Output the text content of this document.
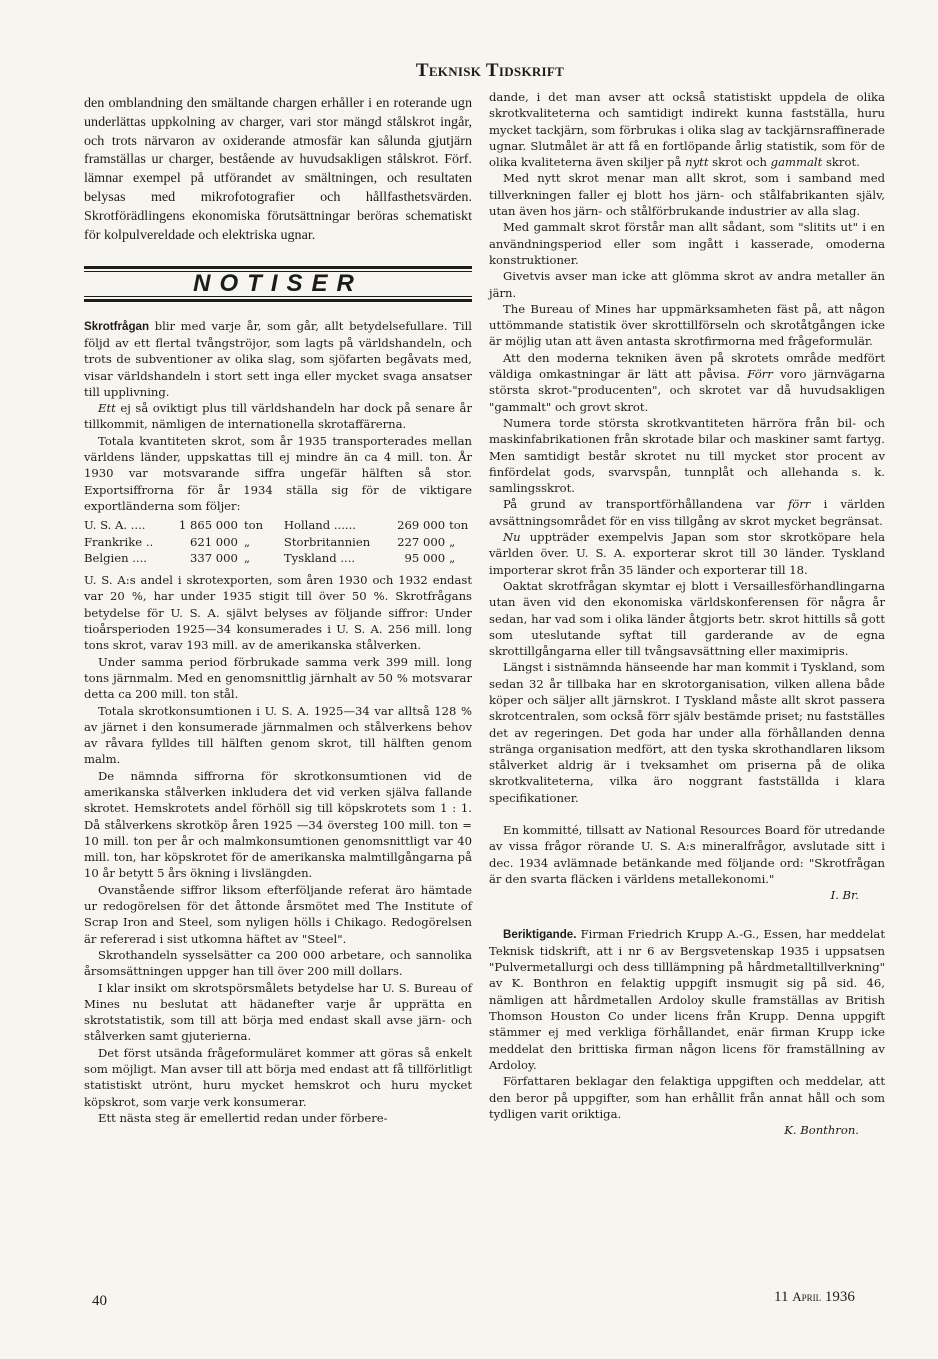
Teknisk Tidskrift

den omblandning den smältande chargen erhåller i en roterande ugn underlättas uppkolning av charger, vari stor mängd stålskrot ingår, och trots närvaron av oxiderande atmosfär kan sålunda gjutjärn framställas ur charger, bestående av huvudsakligen stålskrot. Förf. lämnar exempel på utförandet av smältningen, och resultaten belysas med mikrofotografier och hållfasthetsvärden. Skrotförädlingens ekonomiska förutsättningar beröras schematiskt för kolpulvereldade och elektriska ugnar.

NOTISER

Skrotfrågan blir med varje år, som går, allt betydelsefullare. Till följd av ett flertal tvångströjor, som lagts på världshandeln, och trots de subventioner av olika slag, som sjöfarten begåvats med, visar världshandeln i stort sett inga eller mycket svaga ansatser till upplivning.

Ett ej så oviktigt plus till världshandeln har dock på senare år tillkommit, nämligen de internationella skrotaffärerna.

Totala kvantiteten skrot, som år 1935 transporterades mellan världens länder, uppskattas till ej mindre än ca 4 mill. ton. År 1930 var motsvarande siffra ungefär hälften så stor. Exportsiffrorna för år 1934 ställa sig för de viktigare exportländerna som följer:

U. S. A. ....	1 865 000	ton	Holland ......	269 000	ton
Frankrike ..	621 000	„	Storbritannien	227 000	„
Belgien ....	337 000	„	Tyskland ....	95 000	„

U. S. A:s andel i skrotexporten, som åren 1930 och 1932 endast var 20 %, har under 1935 stigit till över 50 %. Skrotfrågans betydelse för U. S. A. självt belyses av följande siffror: Under tioårsperioden 1925—34 konsumerades i U. S. A. 256 mill. long tons skrot, varav 193 mill. av de amerikanska stålverken.

Under samma period förbrukade samma verk 399 mill. long tons järnmalm. Med en genomsnittlig järnhalt av 50 % motsvarar detta ca 200 mill. ton stål.

Totala skrotkonsumtionen i U. S. A. 1925—34 var alltså 128 % av järnet i den konsumerade järnmalmen och stålverkens behov av råvara fylldes till hälften genom skrot, till hälften genom malm.

De nämnda siffrorna för skrotkonsumtionen vid de amerikanska stålverken inkludera det vid verken själva fallande skrotet. Hemskrotets andel förhöll sig till köpskrotets som 1 : 1. Då stålverkens skrotköp åren 1925 —34 översteg 100 mill. ton = 10 mill. ton per år och malmkonsumtionen genomsnittligt var 40 mill. ton, har köpskrotet för de amerikanska malmtillgångarna på 10 år betytt 5 års ökning i livslängden.

Ovanstående siffror liksom efterföljande referat äro hämtade ur redogörelsen för det åttonde årsmötet med The Institute of Scrap Iron and Steel, som nyligen hölls i Chikago. Redogörelsen är refererad i sist utkomna häftet av "Steel".

Skrothandeln sysselsätter ca 200 000 arbetare, och sannolika årsomsättningen uppger han till över 200 mill dollars.

I klar insikt om skrotspörsmålets betydelse har U. S. Bureau of Mines nu beslutat att hädanefter varje år upprätta en skrotstatistik, som till att börja med endast skall avse järn- och stålverken samt gjuterierna.

Det först utsända frågeformuläret kommer att göras så enkelt som möjligt. Man avser till att börja med endast att få tillförlitligt statistiskt utrönt, huru mycket hemskrot och huru mycket köpskrot, som varje verk konsumerar.

Ett nästa steg är emellertid redan under förbere-

dande, i det man avser att också statistiskt uppdela de olika skrotkvaliteterna och samtidigt indirekt kunna fastställa, huru mycket tackjärn, som förbrukas i olika slag av tackjärnsraffinerade ugnar. Slutmålet är att få en fortlöpande årlig statistik, som för de olika kvaliteterna även skiljer på nytt skrot och gammalt skrot.

Med nytt skrot menar man allt skrot, som i samband med tillverkningen faller ej blott hos järn- och stålfabrikanten själv, utan även hos järn- och stålförbrukande industrier av alla slag.

Med gammalt skrot förstår man allt sådant, som "slitits ut" i en användningsperiod eller som ingått i kasserade, omoderna konstruktioner.

Givetvis avser man icke att glömma skrot av andra metaller än järn.

The Bureau of Mines har uppmärksamheten fäst på, att någon uttömmande statistik över skrottillförseln och skrotåtgången icke är möjlig utan att även antasta skrotfirmorna med frågeformulär.

Att den moderna tekniken även på skrotets område medfört väldiga omkastningar är lätt att påvisa. Förr voro järnvägarna största skrot-"producenten", och skrotet var då huvudsakligen "gammalt" och grovt skrot.

Numera torde största skrotkvantiteten härröra från bil- och maskinfabrikationen från skrotade bilar och maskiner samt fartyg. Men samtidigt består skrotet nu till mycket stor procent av finfördelat gods, svarvspån, tunnplåt och allehanda s. k. samlingsskrot.

På grund av transportförhållandena var förr i världen avsättningsområdet för en viss tillgång av skrot mycket begränsat.

Nu uppträder exempelvis Japan som stor skrotköpare hela världen över. U. S. A. exporterar skrot till 30 länder. Tyskland importerar skrot från 35 länder och exporterar till 18.

Oaktat skrotfrågan skymtar ej blott i Versaillesförhandlingarna utan även vid den ekonomiska världskonferensen för några år sedan, har vad som i olika länder åtgjorts betr. skrot hittills så gott som uteslutande syftat till garderande av de egna skrottillgångarna eller till tvångsavsättning eller maximipris.

Längst i sistnämnda hänseende har man kommit i Tyskland, som sedan 32 år tillbaka har en skrotorganisation, vilken allena både köper och säljer allt järnskrot. I Tyskland måste allt skrot passera skrotcentralen, som också förr själv bestämde priset; nu fastställes det av regeringen. Det goda har under alla förhållanden denna stränga organisation medfört, att den tyska skrothandlaren liksom stålverket aldrig är i tveksamhet om priserna på de olika skrotkvaliteterna, vilka äro noggrant fastställda i klara specifikationer.

En kommitté, tillsatt av National Resources Board för utredande av vissa frågor rörande U. S. A:s mineralfrågor, avslutade sitt i dec. 1934 avlämnade betänkande med följande ord: "Skrotfrågan är den svarta fläcken i världens metallekonomi."

I. Br.

Beriktigande. Firman Friedrich Krupp A.-G., Essen, har meddelat Teknisk tidskrift, att i nr 6 av Bergsvetenskap 1935 i uppsatsen "Pulvermetallurgi och dess tilllämpning på hårdmetalltillverkning" av K. Bonthron en felaktig uppgift insmugit sig på sid. 46, nämligen att hårdmetallen Ardoloy skulle framställas av British Thomson Houston Co under licens från Krupp. Denna uppgift stämmer ej med verkliga förhållandet, enär firman Krupp icke meddelat den brittiska firman någon licens för framställning av Ardoloy.

Författaren beklagar den felaktiga uppgiften och meddelar, att den beror på uppgifter, som han erhållit från annat håll och som tydligen varit oriktiga.

K. Bonthron.
40	11 April 1936
